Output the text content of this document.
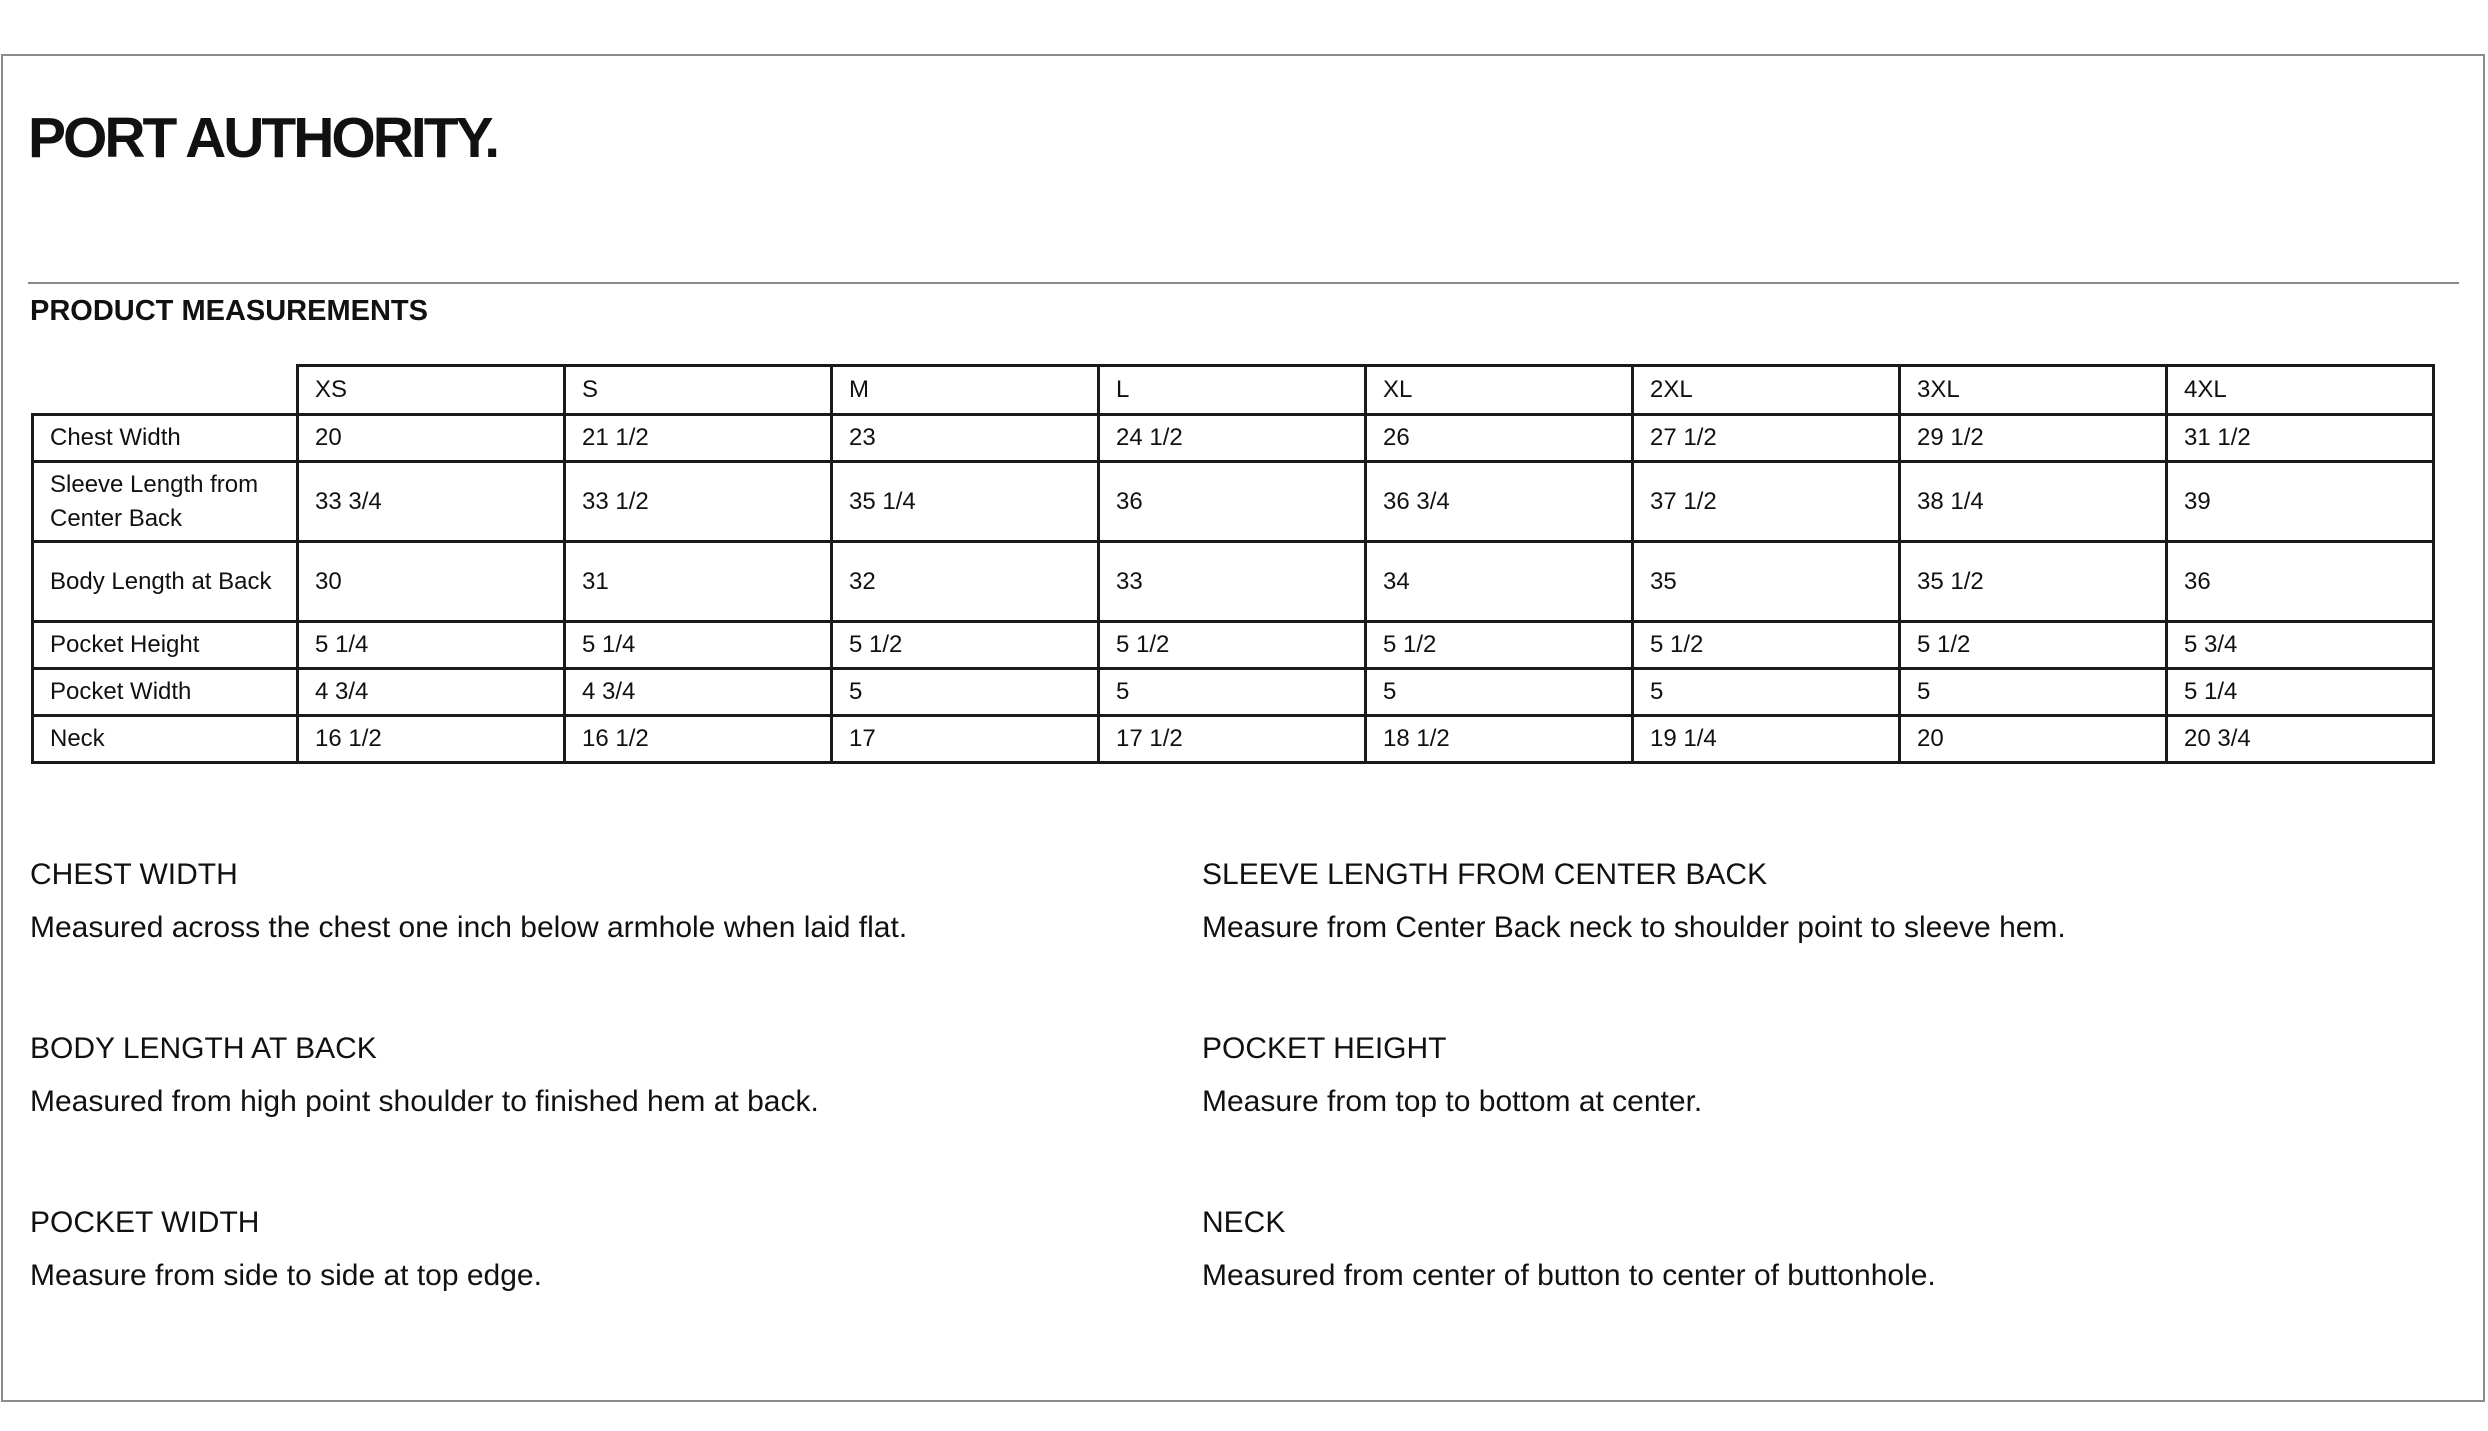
PORT AUTHORITY.
PRODUCT MEASUREMENTS
	XS	S	M	L	XL	2XL	3XL	4XL
Chest Width	20	21 1/2	23	24 1/2	26	27 1/2	29 1/2	31 1/2
Sleeve Length from Center Back	33 3/4	33 1/2	35 1/4	36	36 3/4	37 1/2	38 1/4	39
Body Length at Back	30	31	32	33	34	35	35 1/2	36
Pocket Height	5 1/4	5 1/4	5 1/2	5 1/2	5 1/2	5 1/2	5 1/2	5 3/4
Pocket Width	4 3/4	4 3/4	5	5	5	5	5	5 1/4
Neck	16 1/2	16 1/2	17	17 1/2	18 1/2	19 1/4	20	20 3/4
CHEST WIDTH
Measured across the chest one inch below armhole when laid flat.
SLEEVE LENGTH FROM CENTER BACK
Measure from Center Back neck to shoulder point to sleeve hem.
BODY LENGTH AT BACK
Measured from high point shoulder to finished hem at back.
POCKET HEIGHT
Measure from top to bottom at center.
POCKET WIDTH
Measure from side to side at top edge.
NECK
Measured from center of button to center of buttonhole.
